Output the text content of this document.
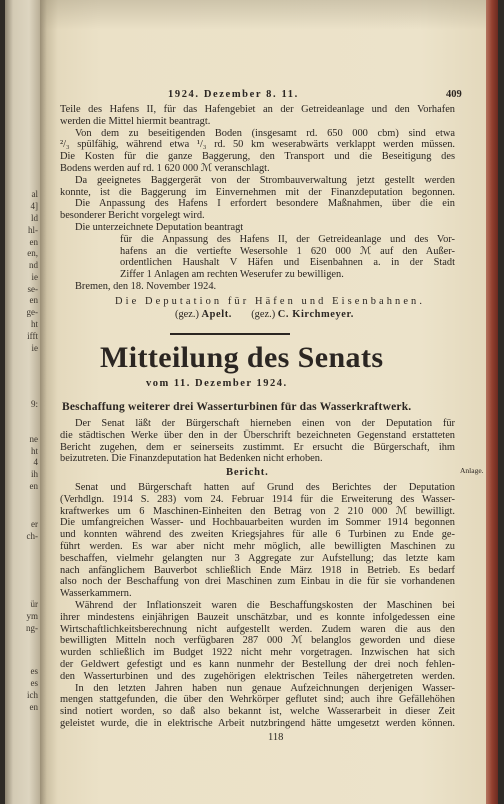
al
4]
ld
hl-
en
en,
nd
ie
se-
en
ge-
ht
ifft
ie
9:
ne
ht
4
ih
en
er
ch-
ür
ym
ng-
es
es
ich
en
1924. Dezember 8. 11.	409
Teile des Hafens II, für das Hafengebiet an der Getreideanlage und den Vorhafen
werden die Mittel hiermit beantragt.
Von dem zu beseitigenden Boden (insgesamt rd. 650 000 cbm) sind etwa
²/₃ spülfähig, während etwa ¹/₃ rd. 50 km weserabwärts verklappt werden müssen.
Die Kosten für die ganze Baggerung, den Transport und die Beseitigung des
Bodens werden auf rd. 1 620 000 ℳ veranschlagt.
Da geeignetes Baggergerät von der Strombauverwaltung jetzt gestellt werden
konnte, ist die Baggerung im Einvernehmen mit der Finanzdeputation begonnen.
Die Anpassung des Hafens I erfordert besondere Maßnahmen, über die ein
besonderer Bericht vorgelegt wird.
Die unterzeichnete Deputation beantragt
für die Anpassung des Hafens II, der Getreideanlage und des Vor-
hafens an die vertiefte Wesersohle 1 620 000 ℳ auf den Außer-
ordentlichen Haushalt V Häfen und Eisenbahnen a. in der Stadt
Ziffer 1 Anlagen am rechten Weserufer zu bewilligen.
Bremen, den 18. November 1924.
Die Deputation für Häfen und Eisenbahnen.
(gez.) Apelt. (gez.) C. Kirchmeyer.
Mitteilung des Senats
vom 11. Dezember 1924.
Beschaffung weiterer drei Wasserturbinen für das Wasserkraftwerk.
Der Senat läßt der Bürgerschaft hierneben einen von der Deputation für
die städtischen Werke über den in der Überschrift bezeichneten Gegenstand erstatteten
Bericht zugehen, dem er seinerseits zustimmt. Er ersucht die Bürgerschaft, ihm
beizutreten. Die Finanzdeputation hat Bedenken nicht erhoben.
Bericht.	Anlage.
Senat und Bürgerschaft hatten auf Grund des Berichtes der Deputation
(Verhdlgn. 1914 S. 283) vom 24. Februar 1914 für die Erweiterung des Wasser-
kraftwerkes um 6 Maschinen-Einheiten den Betrag von 2 210 000 ℳ bewilligt.
Die umfangreichen Wasser- und Hochbauarbeiten wurden im Sommer 1914 begonnen
und konnten während des zweiten Kriegsjahres für alle 6 Turbinen zu Ende ge-
führt werden. Es war aber nicht mehr möglich, alle bewilligten Maschinen zu
beschaffen, vielmehr gelangten nur 3 Aggregate zur Aufstellung; das letzte kam
nach anfänglichem Bauverbot schließlich Ende März 1918 in Betrieb. Es bedarf
also noch der Beschaffung von drei Maschinen zum Einbau in die für sie vorhandenen
Wasserkammern.
Während der Inflationszeit waren die Beschaffungskosten der Maschinen bei
ihrer mindestens einjährigen Bauzeit unschätzbar, und es konnte infolgedessen eine
Wirtschaftlichkeitsberechnung nicht aufgestellt werden. Zudem waren die aus den
bewilligten Mitteln noch verfügbaren 287 000 ℳ belanglos geworden und diese
wurden schließlich im Budget 1922 nicht mehr vorgetragen. Inzwischen hat sich
der Geldwert gefestigt und es kann nunmehr der Bestellung der drei noch fehlen-
den Wasserturbinen und des zugehörigen elektrischen Teiles nähergetreten werden.
In den letzten Jahren haben nun genaue Aufzeichnungen derjenigen Wasser-
mengen stattgefunden, die über den Wehrkörper geflutet sind; auch ihre Gefällehöhen
sind notiert worden, so daß also bekannt ist, welche Wasserarbeit in dieser Zeit
geleistet wurde, die in elektrische Arbeit nutzbringend hätte umgesetzt werden können.
118
